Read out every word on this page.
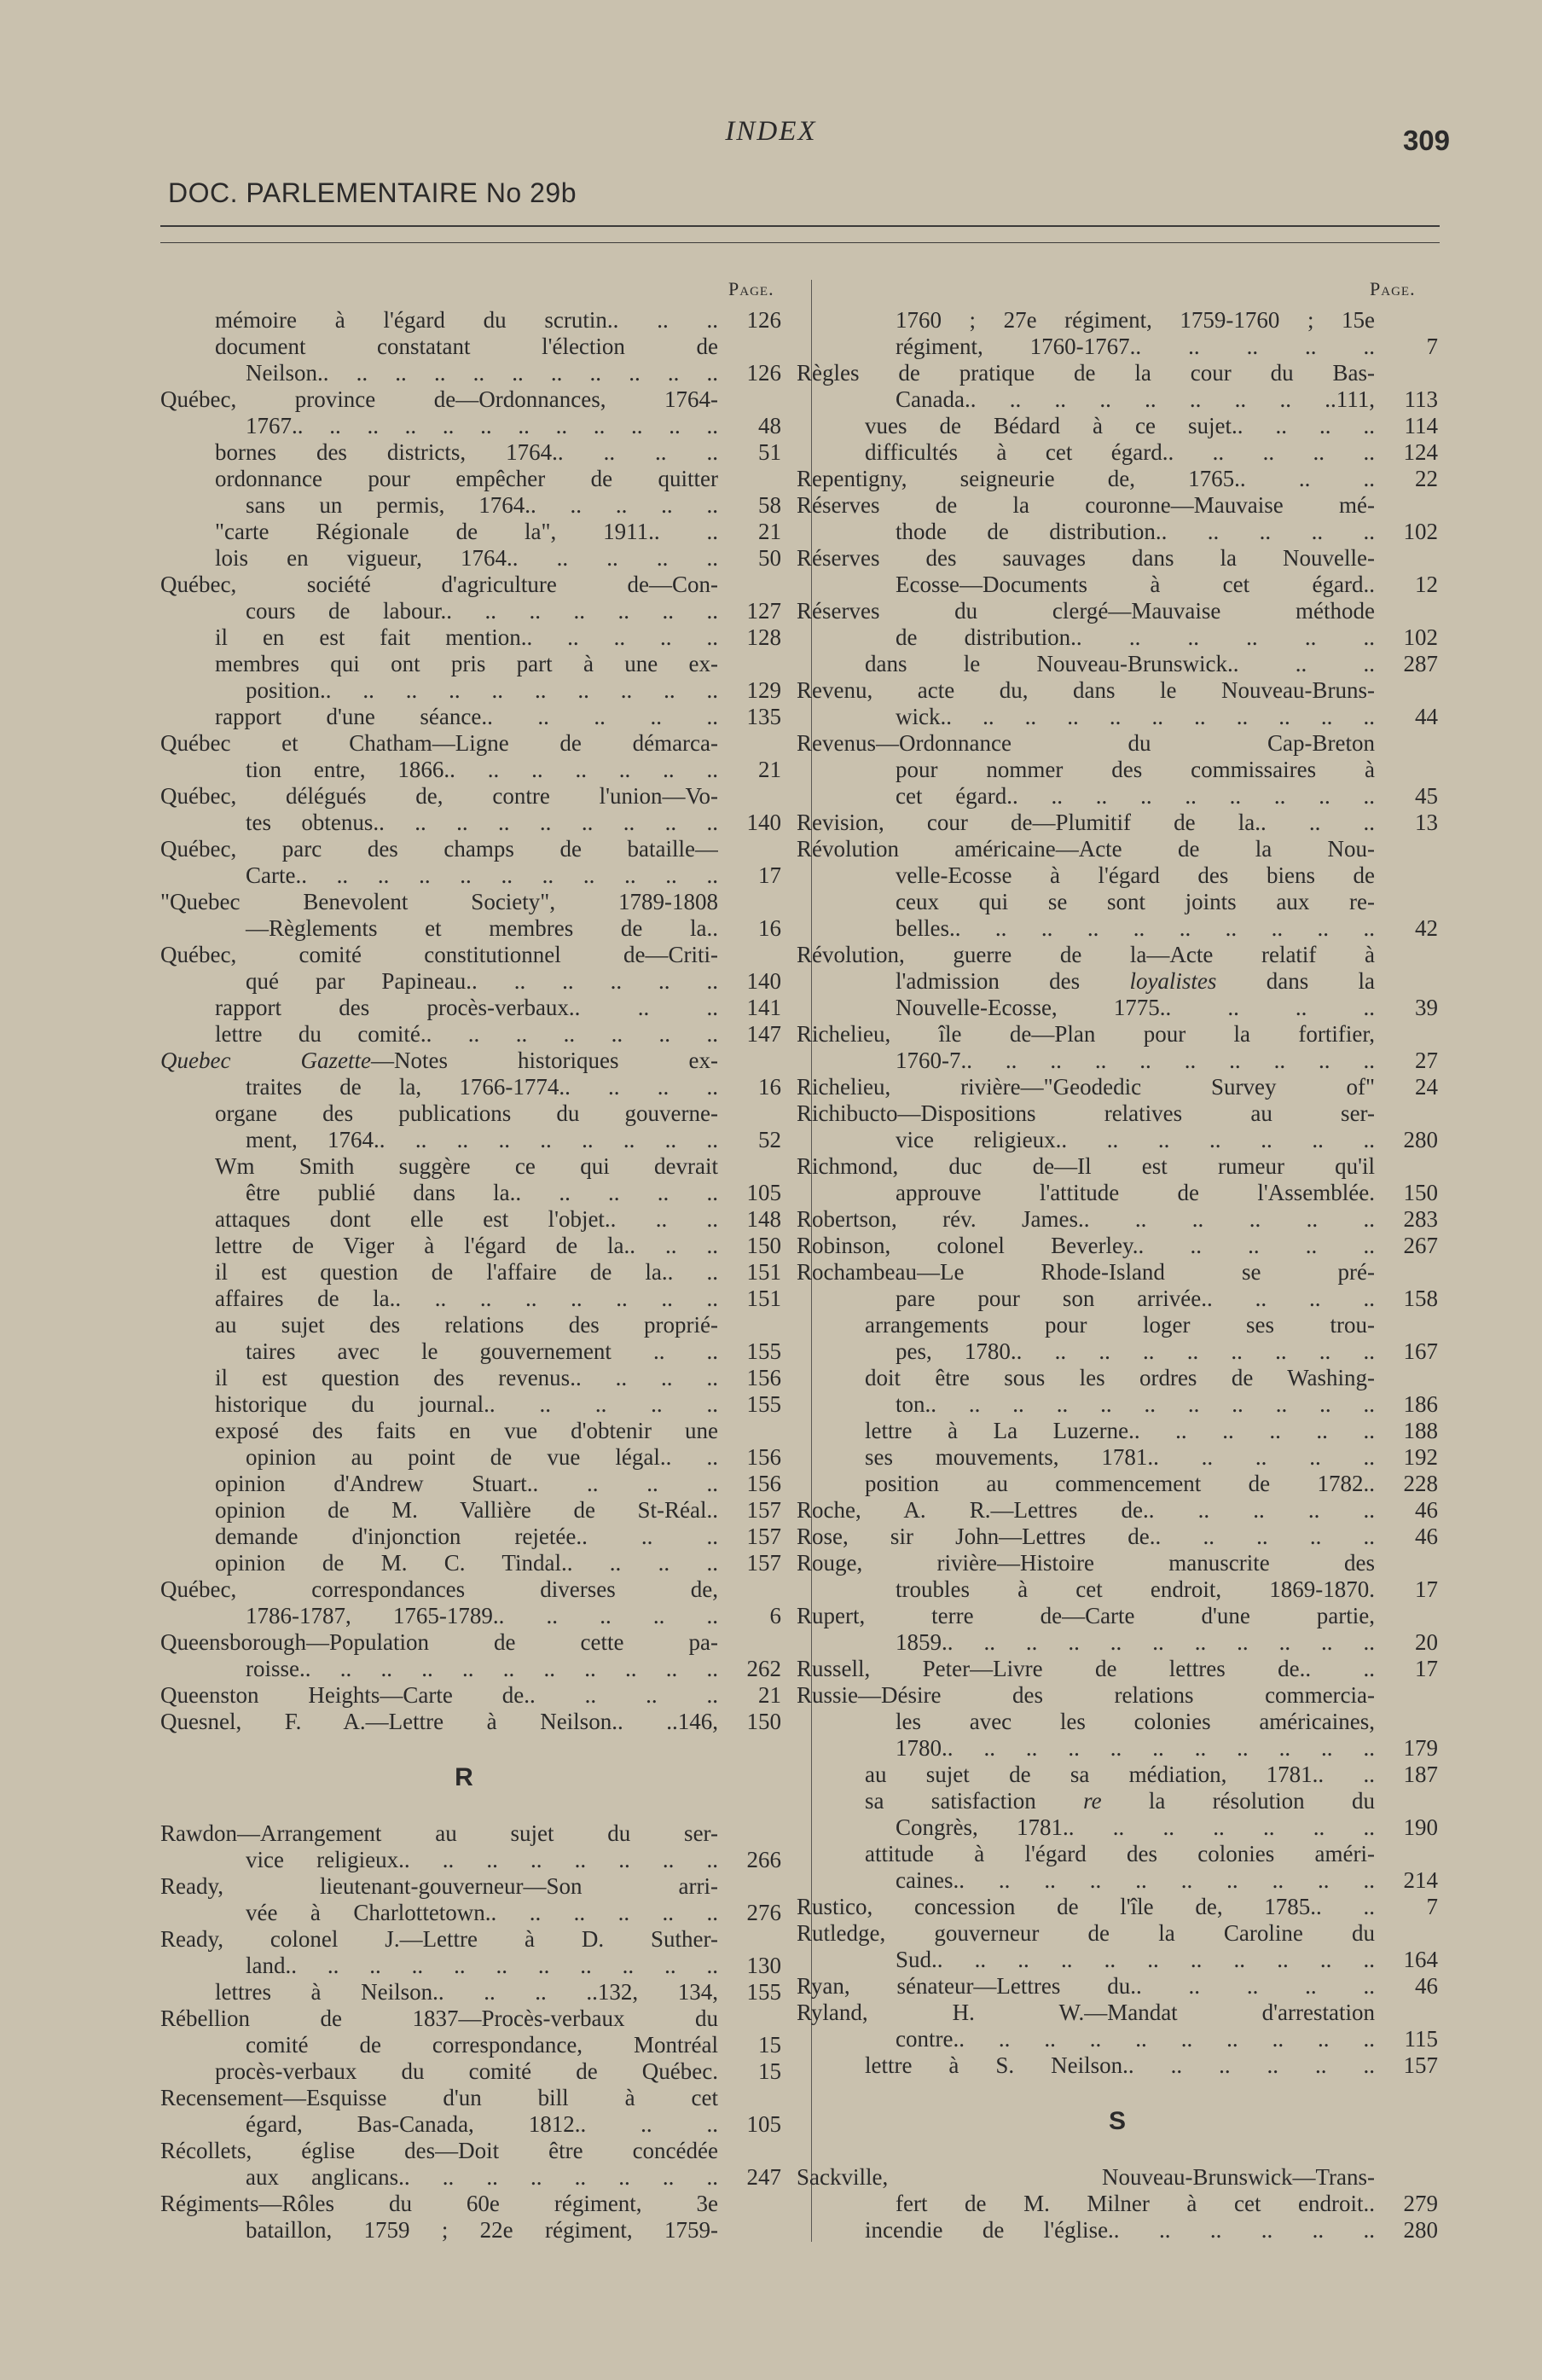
INDEX	309
DOC. PARLEMENTAIRE No 29b
Page.	Page.
mémoire à l'égard du scrutin.. .. ..	126
document constatant l'élection de
Neilson.. .. .. .. .. .. .. .. .. .. ..	126
Québec, province de—Ordonnances, 1764-
1767.. .. .. .. .. .. .. .. .. .. .. ..	48
bornes des districts, 1764.. .. .. ..	51
ordonnance pour empêcher de quitter
sans un permis, 1764.. .. .. .. ..	58
"carte Régionale de la", 1911.. ..	21
lois en vigueur, 1764.. .. .. .. ..	50
Québec, société d'agriculture de—Con-
cours de labour.. .. .. .. .. .. ..	127
il en est fait mention.. .. .. .. ..	128
membres qui ont pris part à une ex-
position.. .. .. .. .. .. .. .. .. ..	129
rapport d'une séance.. .. .. .. ..	135
Québec et Chatham—Ligne de démarca-
tion entre, 1866.. .. .. .. .. .. ..	21
Québec, délégués de, contre l'union—Vo-
tes obtenus.. .. .. .. .. .. .. .. ..	140
Québec, parc des champs de bataille—
Carte.. .. .. .. .. .. .. .. .. .. ..	17
"Quebec Benevolent Society", 1789-1808
—Règlements et membres de la..	16
Québec, comité constitutionnel de—Criti-
qué par Papineau.. .. .. .. .. ..	140
rapport des procès-verbaux.. .. ..	141
lettre du comité.. .. .. .. .. .. ..	147
Quebec Gazette—Notes historiques ex-
traites de la, 1766-1774.. .. .. ..	16
organe des publications du gouverne-
ment, 1764.. .. .. .. .. .. .. .. ..	52
Wm Smith suggère ce qui devrait
être publié dans la.. .. .. .. ..	105
attaques dont elle est l'objet.. .. ..	148
lettre de Viger à l'égard de la.. .. ..	150
il est question de l'affaire de la.. ..	151
affaires de la.. .. .. .. .. .. .. ..	151
au sujet des relations des proprié-
taires avec le gouvernement .. ..	155
il est question des revenus.. .. .. ..	156
historique du journal.. .. .. .. ..	155
exposé des faits en vue d'obtenir une
opinion au point de vue légal.. ..	156
opinion d'Andrew Stuart.. .. .. ..	156
opinion de M. Vallière de St-Réal..	157
demande d'injonction rejetée.. .. ..	157
opinion de M. C. Tindal.. .. .. ..	157
Québec, correspondances diverses de,
1786-1787, 1765-1789.. .. .. .. ..	6
Queensborough—Population de cette pa-
roisse.. .. .. .. .. .. .. .. .. .. ..	262
Queenston Heights—Carte de.. .. .. ..	21
Quesnel, F. A.—Lettre à Neilson.. ..146,	150
R
Rawdon—Arrangement au sujet du ser-
vice religieux.. .. .. .. .. .. .. ..	266
Ready, lieutenant-gouverneur—Son arri-
vée à Charlottetown.. .. .. .. .. ..	276
Ready, colonel J.—Lettre à D. Suther-
land.. .. .. .. .. .. .. .. .. .. ..	130
lettres à Neilson.. .. .. ..132, 134,	155
Rébellion de 1837—Procès-verbaux du
comité de correspondance, Montréal	15
procès-verbaux du comité de Québec.	15
Recensement—Esquisse d'un bill à cet
égard, Bas-Canada, 1812.. .. ..	105
Récollets, église des—Doit être concédée
aux anglicans.. .. .. .. .. .. .. ..	247
Régiments—Rôles du 60e régiment, 3e
bataillon, 1759 ; 22e régiment, 1759-
1760 ; 27e régiment, 1759-1760 ; 15e
régiment, 1760-1767.. .. .. .. ..	7
Règles de pratique de la cour du Bas-
Canada.. .. .. .. .. .. .. .. ..111,	113
vues de Bédard à ce sujet.. .. .. ..	114
difficultés à cet égard.. .. .. .. ..	124
Repentigny, seigneurie de, 1765.. .. ..	22
Réserves de la couronne—Mauvaise mé-
thode de distribution.. .. .. .. ..	102
Réserves des sauvages dans la Nouvelle-
Ecosse—Documents à cet égard..	12
Réserves du clergé—Mauvaise méthode
de distribution.. .. .. .. .. ..	102
dans le Nouveau-Brunswick.. .. ..	287
Revenu, acte du, dans le Nouveau-Bruns-
wick.. .. .. .. .. .. .. .. .. .. ..	44
Revenus—Ordonnance du Cap-Breton
pour nommer des commissaires à
cet égard.. .. .. .. .. .. .. .. ..	45
Revision, cour de—Plumitif de la.. .. ..	13
Révolution américaine—Acte de la Nou-
velle-Ecosse à l'égard des biens de
ceux qui se sont joints aux re-
belles.. .. .. .. .. .. .. .. .. ..	42
Révolution, guerre de la—Acte relatif à
l'admission des loyalistes dans la
Nouvelle-Ecosse, 1775.. .. .. ..	39
Richelieu, île de—Plan pour la fortifier,
1760-7.. .. .. .. .. .. .. .. .. ..	27
Richelieu, rivière—"Geodedic Survey of"	24
Richibucto—Dispositions relatives au ser-
vice religieux.. .. .. .. .. .. ..	280
Richmond, duc de—Il est rumeur qu'il
approuve l'attitude de l'Assemblée.	150
Robertson, rév. James.. .. .. .. .. ..	283
Robinson, colonel Beverley.. .. .. .. ..	267
Rochambeau—Le Rhode-Island se pré-
pare pour son arrivée.. .. .. ..	158
arrangements pour loger ses trou-
pes, 1780.. .. .. .. .. .. .. .. ..	167
doit être sous les ordres de Washing-
ton.. .. .. .. .. .. .. .. .. .. ..	186
lettre à La Luzerne.. .. .. .. .. ..	188
ses mouvements, 1781.. .. .. .. ..	192
position au commencement de 1782..	228
Roche, A. R.—Lettres de.. .. .. .. ..	46
Rose, sir John—Lettres de.. .. .. .. ..	46
Rouge, rivière—Histoire manuscrite des
troubles à cet endroit, 1869-1870.	17
Rupert, terre de—Carte d'une partie,
1859.. .. .. .. .. .. .. .. .. .. ..	20
Russell, Peter—Livre de lettres de.. ..	17
Russie—Désire des relations commercia-
les avec les colonies américaines,
1780.. .. .. .. .. .. .. .. .. .. ..	179
au sujet de sa médiation, 1781.. ..	187
sa satisfaction re la résolution du
Congrès, 1781.. .. .. .. .. .. ..	190
attitude à l'égard des colonies améri-
caines.. .. .. .. .. .. .. .. .. ..	214
Rustico, concession de l'île de, 1785.. ..	7
Rutledge, gouverneur de la Caroline du
Sud.. .. .. .. .. .. .. .. .. .. ..	164
Ryan, sénateur—Lettres du.. .. .. .. ..	46
Ryland, H. W.—Mandat d'arrestation
contre.. .. .. .. .. .. .. .. .. ..	115
lettre à S. Neilson.. .. .. .. .. ..	157
S
Sackville, Nouveau-Brunswick—Trans-
fert de M. Milner à cet endroit..	279
incendie de l'église.. .. .. .. .. ..	280
